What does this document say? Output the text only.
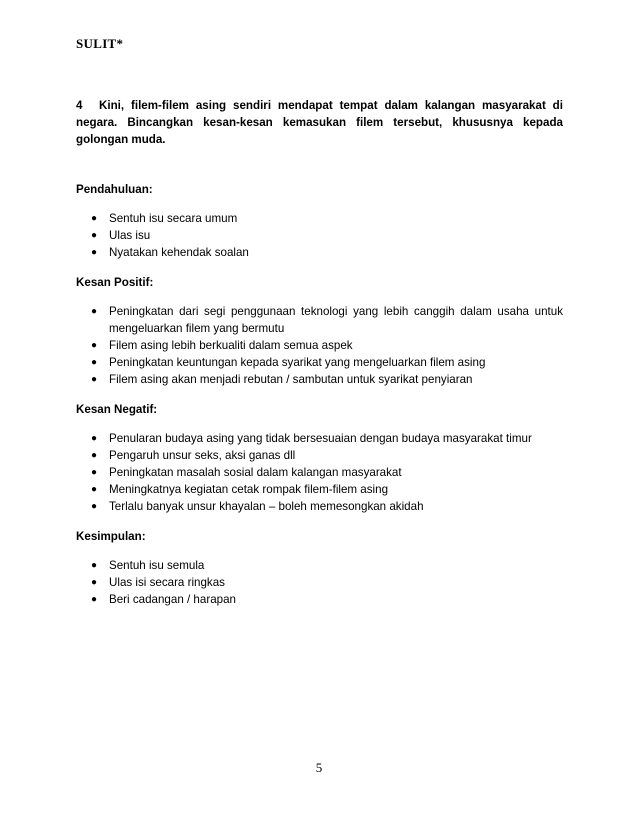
SULIT*

4 Kini, filem-filem asing sendiri mendapat tempat dalam kalangan masyarakat di negara. Bincangkan kesan-kesan kemasukan filem tersebut, khususnya kepada golongan muda.

Pendahuluan:

● Sentuh isu secara umum
● Ulas isu
● Nyatakan kehendak soalan

Kesan Positif:

● Peningkatan dari segi penggunaan teknologi yang lebih canggih dalam usaha untuk mengeluarkan filem yang bermutu
● Filem asing lebih berkualiti dalam semua aspek
● Peningkatan keuntungan kepada syarikat yang mengeluarkan filem asing
● Filem asing akan menjadi rebutan / sambutan untuk syarikat penyiaran

Kesan Negatif:

● Penularan budaya asing yang tidak bersesuaian dengan budaya masyarakat timur
● Pengaruh unsur seks, aksi ganas dll
● Peningkatan masalah sosial dalam kalangan masyarakat
● Meningkatnya kegiatan cetak rompak filem-filem asing
● Terlalu banyak unsur khayalan – boleh memesongkan akidah

Kesimpulan:

● Sentuh isu semula
● Ulas isi secara ringkas
● Beri cadangan / harapan
5
